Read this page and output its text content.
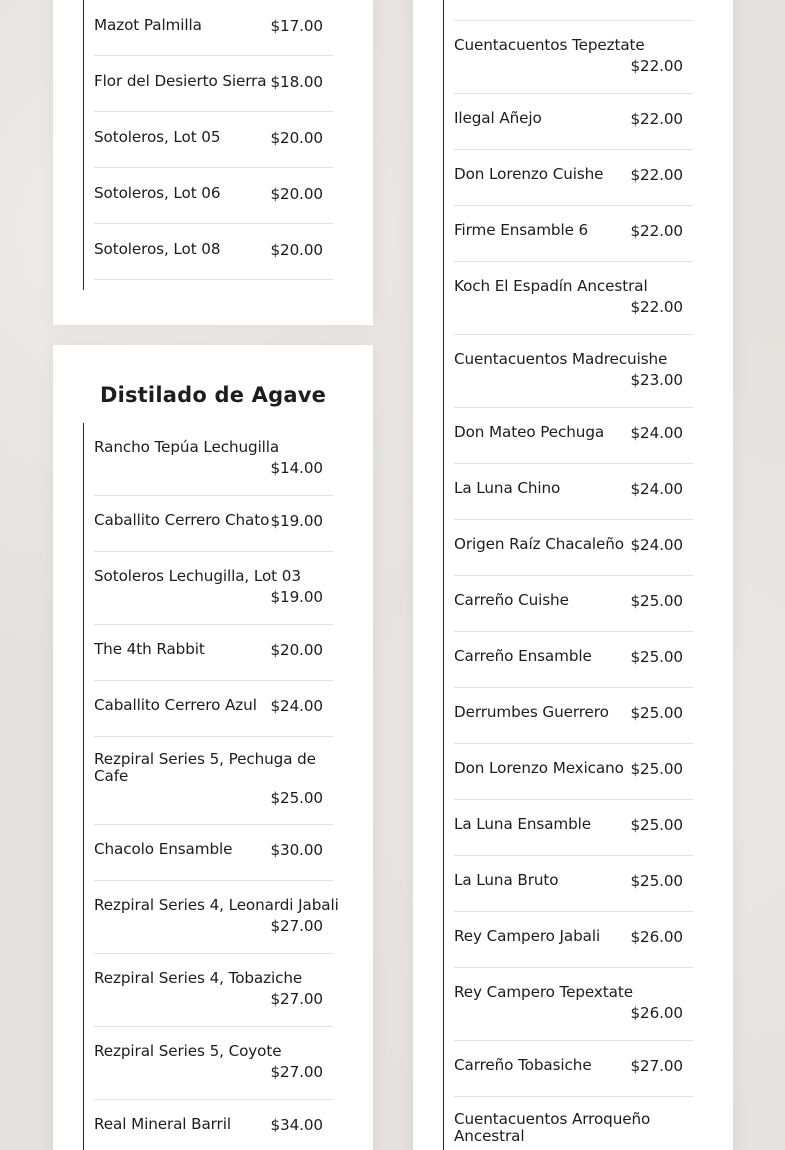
Mazot Palmilla	$17.00
Flor del Desierto Sierra $18.00
Sotoleros, Lot 05	$20.00
Sotoleros, Lot 06	$20.00
Sotoleros, Lot 08	$20.00
Distilado de Agave
Rancho Tepúa Lechugilla
$14.00
Caballito Cerrero Chato $19.00
Sotoleros Lechugilla, Lot 03
$19.00
The 4th Rabbit	$20.00
Caballito Cerrero Azul $24.00
Rezpiral Series 5, Pechuga de Cafe
$25.00
Chacolo Ensamble	$30.00
Rezpiral Series 4, Leonardi Jabali
$27.00
Rezpiral Series 4, Tobaziche
$27.00
Rezpiral Series 5, Coyote
$27.00
Real Mineral Barril	$34.00
Cuentacuentos Tepeztate
$22.00
Ilegal Añejo	$22.00
Don Lorenzo Cuishe $22.00
Firme Ensamble 6	$22.00
Koch El Espadín Ancestral
$22.00
Cuentacuentos Madrecuishe
$23.00
Don Mateo Pechuga $24.00
La Luna Chino	$24.00
Origen Raíz Chacaleño $24.00
Carreño Cuishe	$25.00
Carreño Ensamble	$25.00
Derrumbes Guerrero $25.00
Don Lorenzo Mexicano $25.00
La Luna Ensamble	$25.00
La Luna Bruto	$25.00
Rey Campero Jabali $26.00
Rey Campero Tepextate
$26.00
Carreño Tobasiche	$27.00
Cuentacuentos Arroqueño Ancestral
